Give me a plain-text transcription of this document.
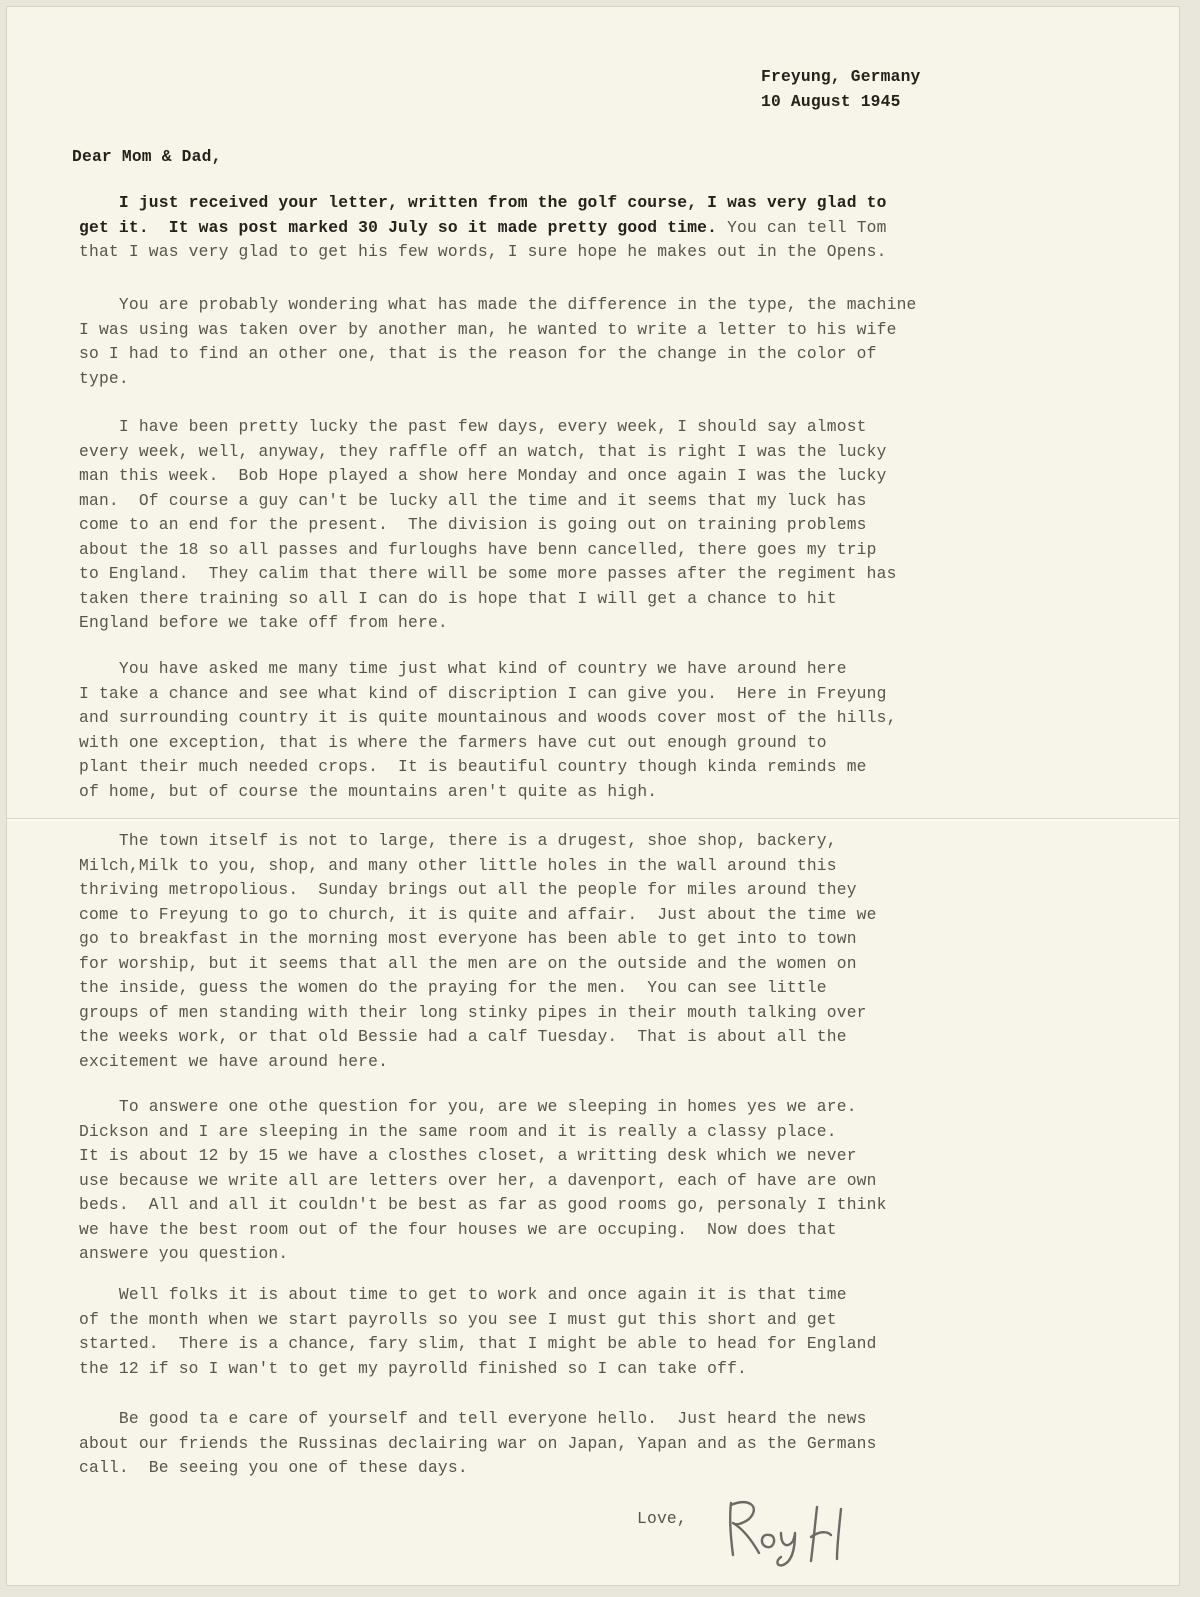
Freyung, Germany
10 August 1945
Dear Mom & Dad,
Love,
I just received your letter, written from the golf course, I was very glad to
get it.  It was post marked 30 July so it made pretty good time. You can tell Tom
that I was very glad to get his few words, I sure hope he makes out in the Opens.
You are probably wondering what has made the difference in the type, the machine
I was using was taken over by another man, he wanted to write a letter to his wife
so I had to find an other one, that is the reason for the change in the color of
type.
I have been pretty lucky the past few days, every week, I should say almost
every week, well, anyway, they raffle off an watch, that is right I was the lucky
man this week.  Bob Hope played a show here Monday and once again I was the lucky
man.  Of course a guy can't be lucky all the time and it seems that my luck has
come to an end for the present.  The division is going out on training problems
about the 18 so all passes and furloughs have benn cancelled, there goes my trip
to England.  They calim that there will be some more passes after the regiment has
taken there training so all I can do is hope that I will get a chance to hit
England before we take off from here.
You have asked me many time just what kind of country we have around here
I take a chance and see what kind of discription I can give you.  Here in Freyung
and surrounding country it is quite mountainous and woods cover most of the hills,
with one exception, that is where the farmers have cut out enough ground to
plant their much needed crops.  It is beautiful country though kinda reminds me
of home, but of course the mountains aren't quite as high.
The town itself is not to large, there is a drugest, shoe shop, backery,
Milch,Milk to you, shop, and many other little holes in the wall around this
thriving metropolious.  Sunday brings out all the people for miles around they
come to Freyung to go to church, it is quite and affair.  Just about the time we
go to breakfast in the morning most everyone has been able to get into to town
for worship, but it seems that all the men are on the outside and the women on
the inside, guess the women do the praying for the men.  You can see little
groups of men standing with their long stinky pipes in their mouth talking over
the weeks work, or that old Bessie had a calf Tuesday.  That is about all the
excitement we have around here.
To answere one othe question for you, are we sleeping in homes yes we are.
Dickson and I are sleeping in the same room and it is really a classy place.
It is about 12 by 15 we have a closthes closet, a writting desk which we never
use because we write all are letters over her, a davenport, each of have are own
beds.  All and all it couldn't be best as far as good rooms go, personaly I think
we have the best room out of the four houses we are occuping.  Now does that
answere you question.
Well folks it is about time to get to work and once again it is that time
of the month when we start payrolls so you see I must gut this short and get
started.  There is a chance, fary slim, that I might be able to head for England
the 12 if so I wan't to get my payrolld finished so I can take off.
Be good ta e care of yourself and tell everyone hello.  Just heard the news
about our friends the Russinas declairing war on Japan, Yapan and as the Germans
call.  Be seeing you one of these days.
